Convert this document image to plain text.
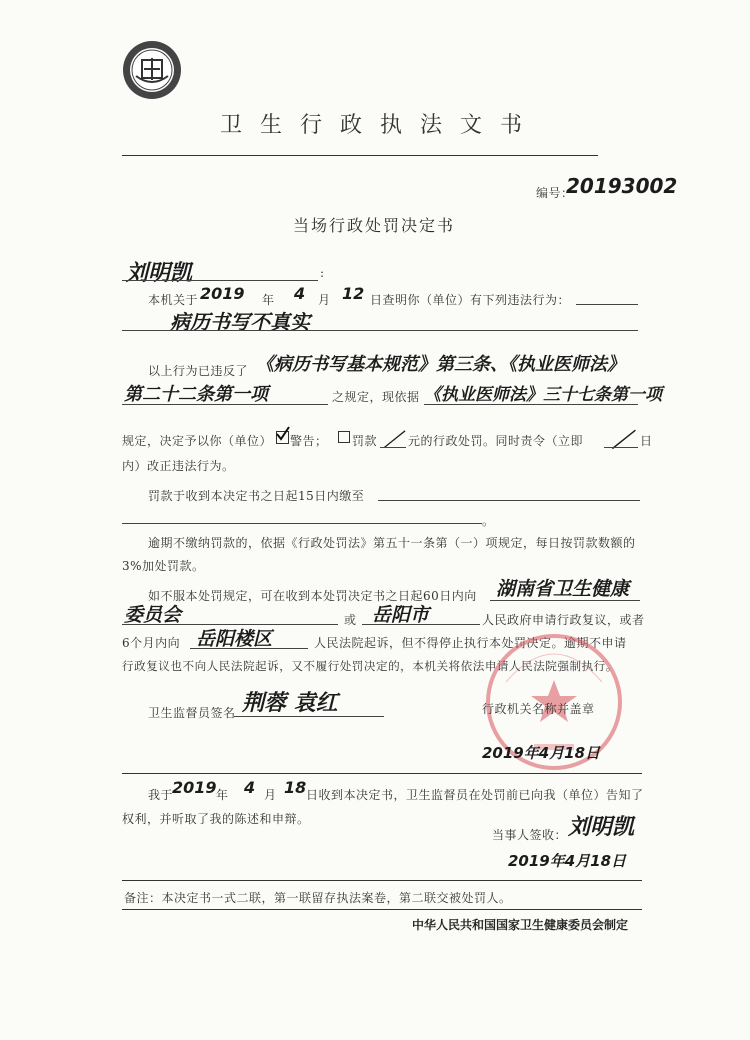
卫生行政执法文书
编号：
20193002
当场行政处罚决定书
刘明凯	:
本机关于 2019 年 4 月 12 日查明你（单位）有下列违法行为：
病历书写不真实
以上行为已违反了 《病历书写基本规范》第三条、《执业医师法》
第二十二条第一项	之规定，现依据 《执业医师法》三十七条第一项
规定，决定予以你（单位） 警告； 罚款 ／ 元的行政处罚。同时责令（立即 ／ 日
内）改正违法行为。
罚款于收到本决定书之日起15日内缴至
。
逾期不缴纳罚款的，依据《行政处罚法》第五十一条第（一）项规定，每日按罚款数额的
3%加处罚款。
如不服本处罚规定，可在收到本处罚决定书之日起60日内向 湖南省卫生健康
委员会	或 岳阳市	人民政府申请行政复议，或者
6个月内向 岳阳楼区	人民法院起诉，但不得停止执行本处罚决定。逾期不申请
行政复议也不向人民法院起诉，又不履行处罚决定的，本机关将依法申请人民法院强制执行。
卫生监督员签名 荆蓉 袁红	行政机关名称并盖章
2019年4月18日
我于
2019 年 4 月 18 日收到本决定书，卫生监督员在处罚前已向我（单位）告知了
权利，并听取了我的陈述和申辩。
当事人签收： 刘明凯
2019年4月18日
备注：本决定书一式二联，第一联留存执法案卷，第二联交被处罚人。
中华人民共和国国家卫生健康委员会制定
